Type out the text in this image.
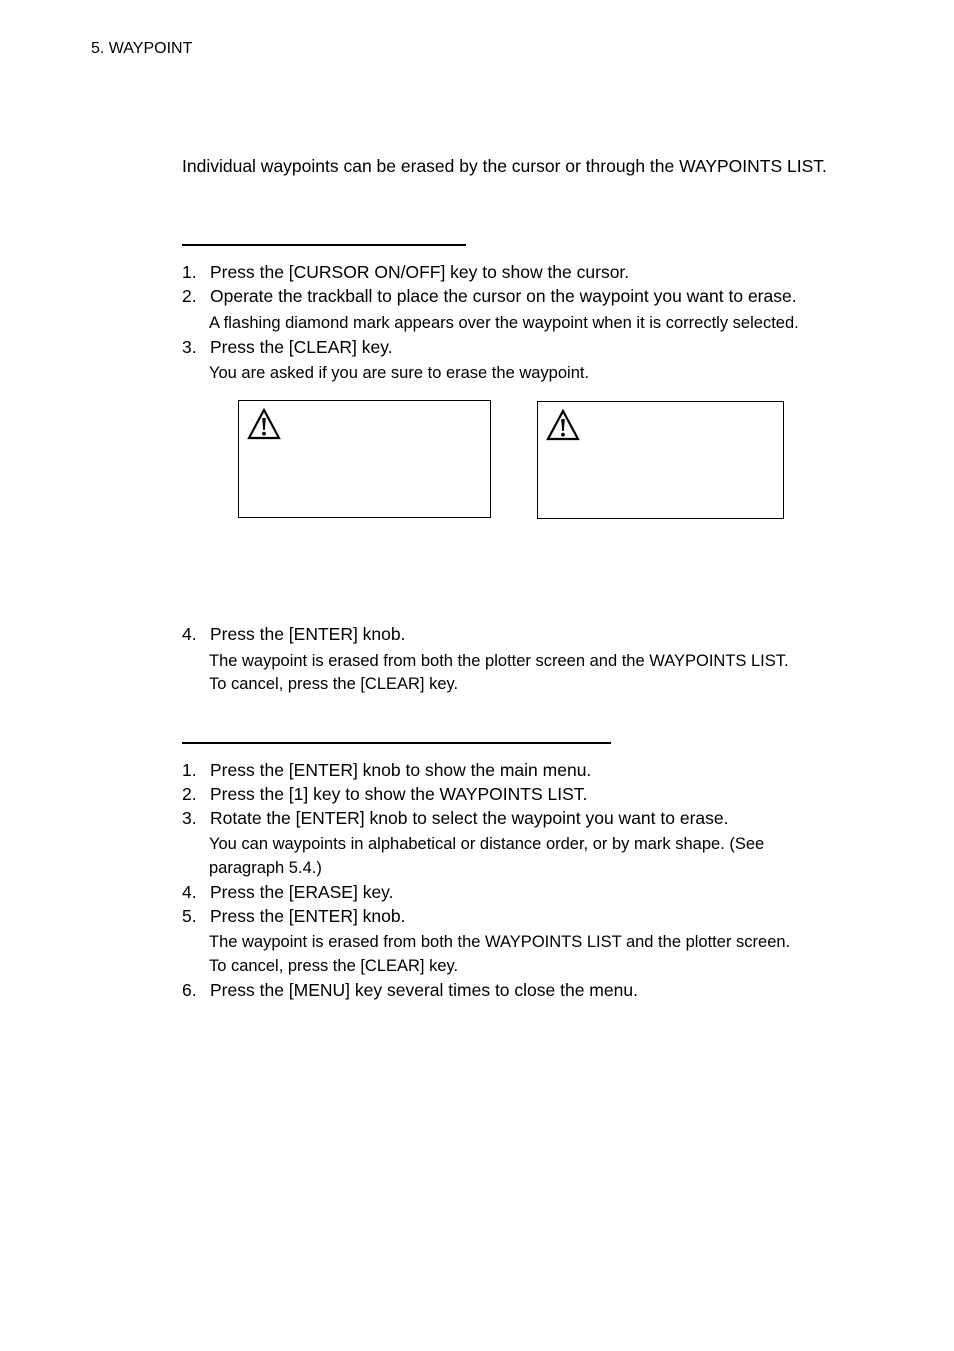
5. WAYPOINT
Individual waypoints can be erased by the cursor or through the WAYPOINTS LIST.
1. Press the [CURSOR ON/OFF] key to show the cursor.
2. Operate the trackball to place the cursor on the waypoint you want to erase.
A flashing diamond mark appears over the waypoint when it is correctly selected.
3. Press the [CLEAR] key.
You are asked if you are sure to erase the waypoint.
4. Press the [ENTER] knob.
The waypoint is erased from both the plotter screen and the WAYPOINTS LIST.
To cancel, press the [CLEAR] key.
1. Press the [ENTER] knob to show the main menu.
2. Press the [1] key to show the WAYPOINTS LIST.
3. Rotate the [ENTER] knob to select the waypoint you want to erase.
You can waypoints in alphabetical or distance order, or by mark shape. (See
paragraph 5.4.)
4. Press the [ERASE] key.
5. Press the [ENTER] knob.
The waypoint is erased from both the WAYPOINTS LIST and the plotter screen.
To cancel, press the [CLEAR] key.
6. Press the [MENU] key several times to close the menu.
